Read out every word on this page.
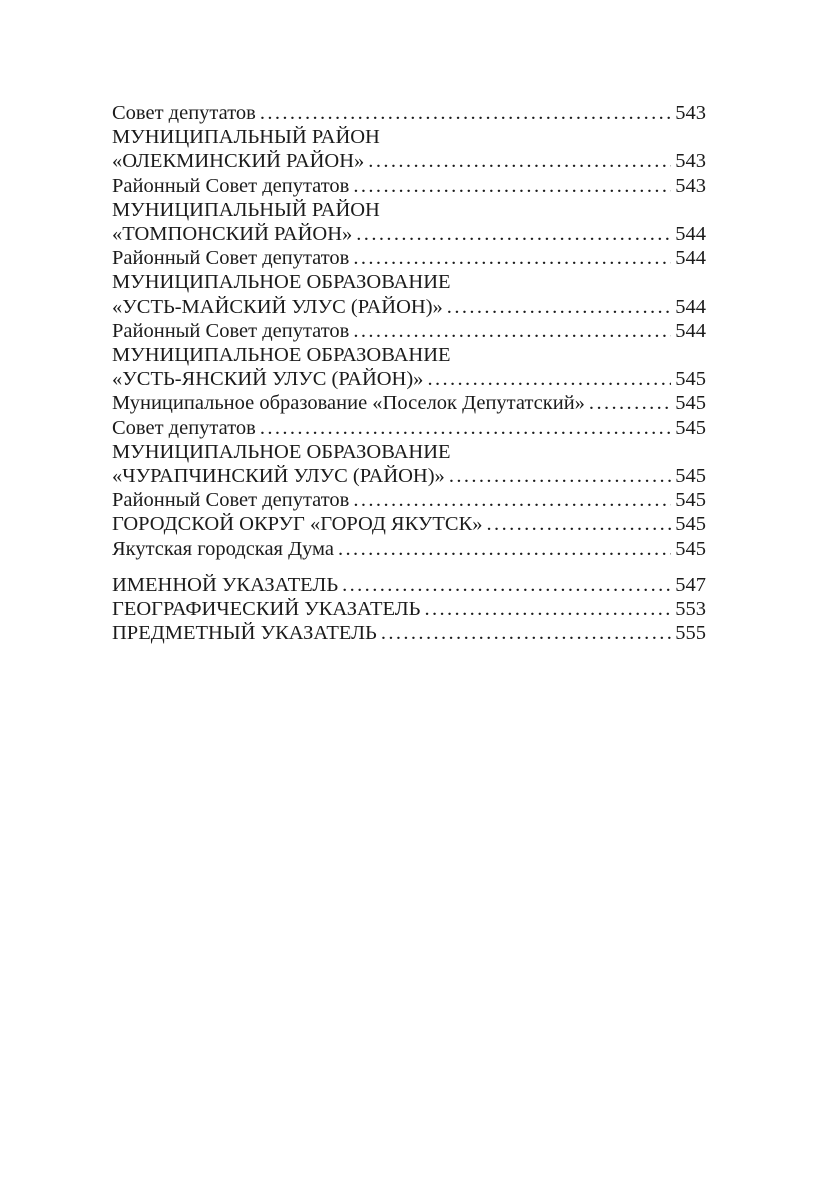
Совет депутатов .....	543
МУНИЦИПАЛЬНЫЙ РАЙОН
«ОЛЕКМИНСКИЙ РАЙОН» .....	543
Районный Совет депутатов .....	543
МУНИЦИПАЛЬНЫЙ РАЙОН
«ТОМПОНСКИЙ РАЙОН» .....	544
Районный Совет депутатов .....	544
МУНИЦИПАЛЬНОЕ ОБРАЗОВАНИЕ
«УСТЬ-МАЙСКИЙ УЛУС (РАЙОН)» .....	544
Районный Совет депутатов .....	544
МУНИЦИПАЛЬНОЕ ОБРАЗОВАНИЕ
«УСТЬ-ЯНСКИЙ УЛУС (РАЙОН)» .....	545
Муниципальное образование «Поселок Депутатский» .....	545
Совет депутатов .....	545
МУНИЦИПАЛЬНОЕ ОБРАЗОВАНИЕ
«ЧУРАПЧИНСКИЙ УЛУС (РАЙОН)» .....	545
Районный Совет депутатов .....	545
ГОРОДСКОЙ ОКРУГ «ГОРОД ЯКУТСК» .....	545
Якутская городская Дума .....	545
ИМЕННОЙ УКАЗАТЕЛЬ .....	547
ГЕОГРАФИЧЕСКИЙ УКАЗАТЕЛЬ .....	553
ПРЕДМЕТНЫЙ УКАЗАТЕЛЬ .....	555
